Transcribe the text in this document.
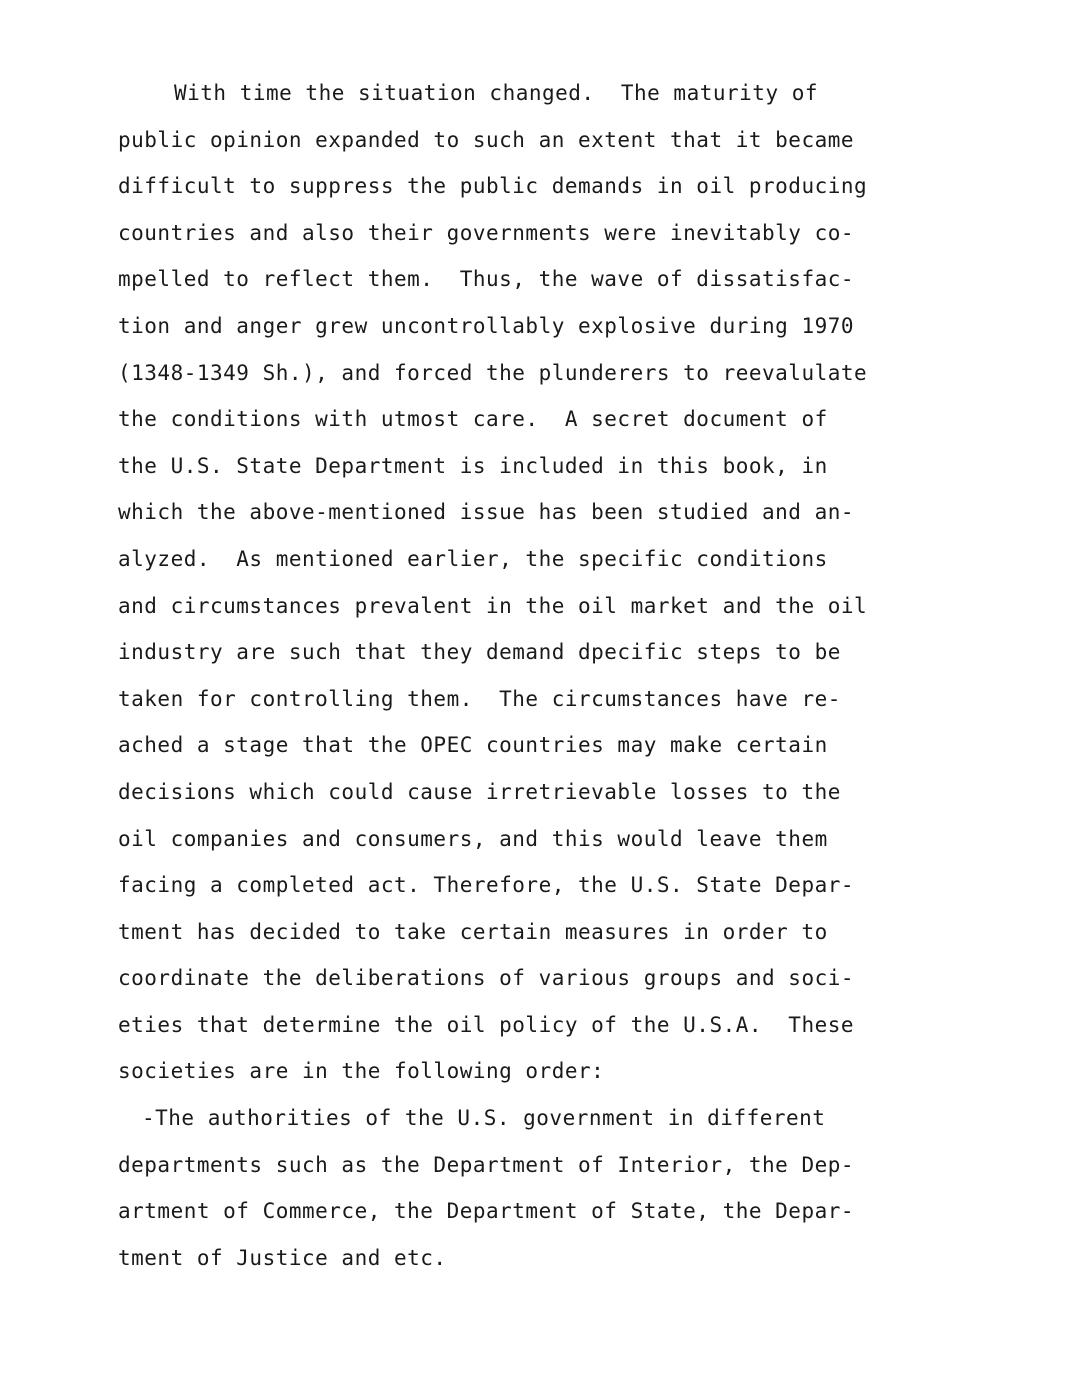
With time the situation changed.  The maturity of
public opinion expanded to such an extent that it became
difficult to suppress the public demands in oil producing
countries and also their governments were inevitably co-
mpelled to reflect them.  Thus, the wave of dissatisfac-
tion and anger grew uncontrollably explosive during 1970
(1348-1349 Sh.), and forced the plunderers to reevalulate
the conditions with utmost care.  A secret document of
the U.S. State Department is included in this book, in
which the above-mentioned issue has been studied and an-
alyzed.  As mentioned earlier, the specific conditions
and circumstances prevalent in the oil market and the oil
industry are such that they demand dpecific steps to be
taken for controlling them.  The circumstances have re-
ached a stage that the OPEC countries may make certain
decisions which could cause irretrievable losses to the
oil companies and consumers, and this would leave them
facing a completed act. Therefore, the U.S. State Depar-
tment has decided to take certain measures in order to
coordinate the deliberations of various groups and soci-
eties that determine the oil policy of the U.S.A.  These
societies are in the following order:
-The authorities of the U.S. government in different
departments such as the Department of Interior, the Dep-
artment of Commerce, the Department of State, the Depar-
tment of Justice and etc.
